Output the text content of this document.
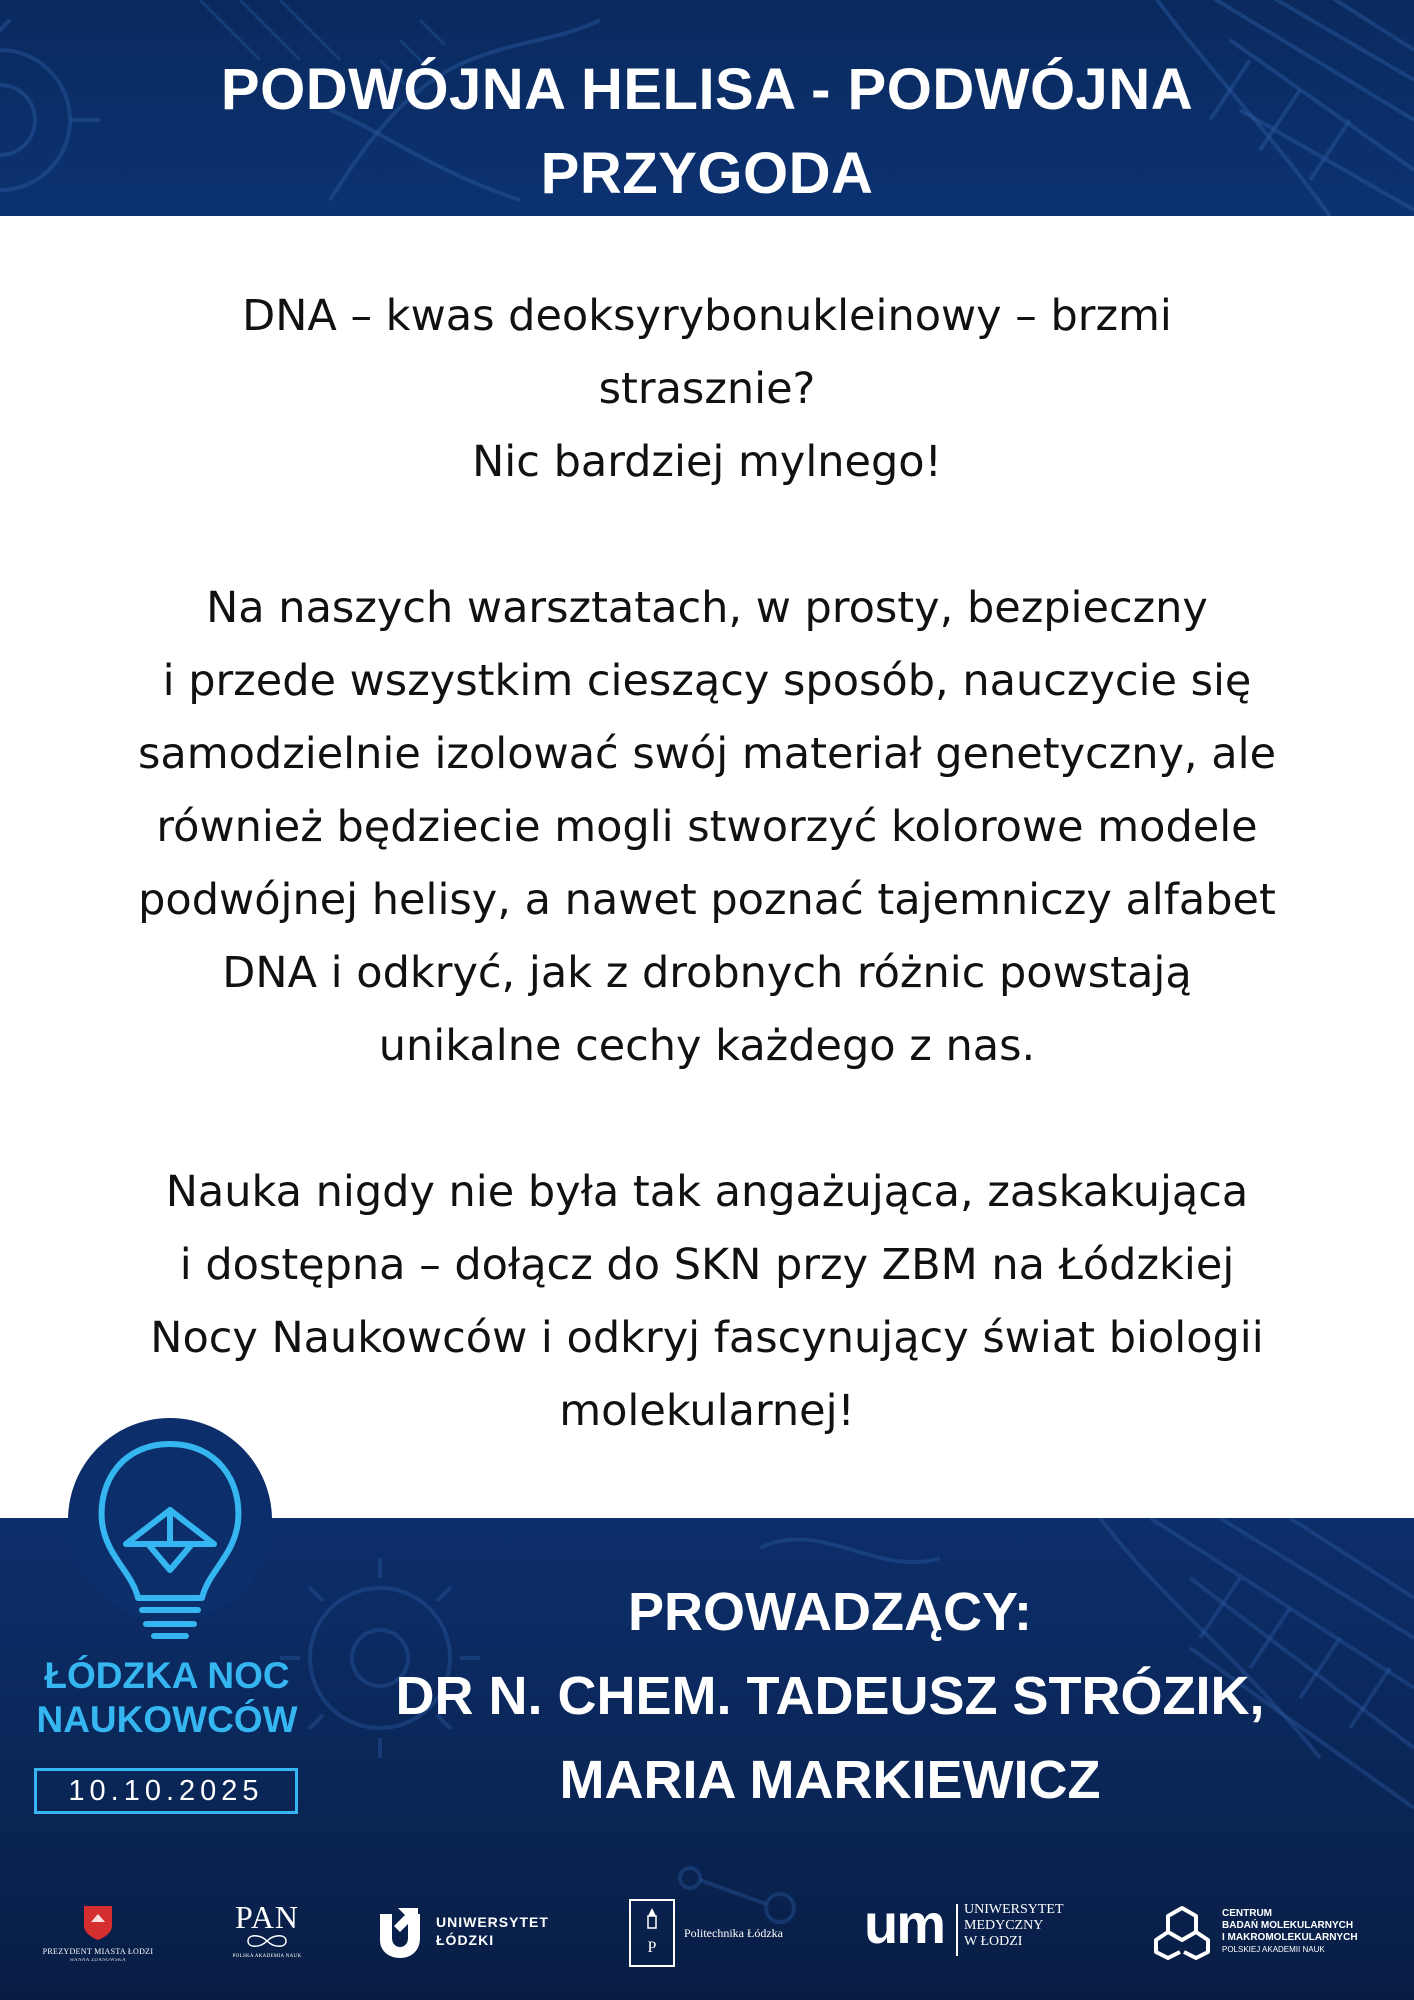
PODWÓJNA HELISA - PODWÓJNA
PRZYGODA
DNA – kwas deoksyrybonukleinowy – brzmi
strasznie?
Nic bardziej mylnego!
Na naszych warsztatach, w prosty, bezpieczny
i przede wszystkim cieszący sposób, nauczycie się
samodzielnie izolować swój materiał genetyczny, ale
również będziecie mogli stworzyć kolorowe modele
podwójnej helisy, a nawet poznać tajemniczy alfabet
DNA i odkryć, jak z drobnych różnic powstają
unikalne cechy każdego z nas.
Nauka nigdy nie była tak angażująca, zaskakująca
i dostępna – dołącz do SKN przy ZBM na Łódzkiej
Nocy Naukowców i odkryj fascynujący świat biologii
molekularnej!
ŁÓDZKA NOC
NAUKOWCÓW
10.10.2025
PROWADZĄCY:
DR N. CHEM. TADEUSZ STRÓZIK,
MARIA MARKIEWICZ
PREZYDENT MIASTA ŁODZI
HANNA ZDANOWSKA
PAN
POLSKA AKADEMIA NAUK
UNIWERSYTET
ŁÓDZKI	P
Politechnika Łódzka um UNIWERSYTET
MEDYCZNY
W ŁODZI
CENTRUM
BADAŃ MOLEKULARNYCH
I MAKROMOLEKULARNYCH
POLSKIEJ AKADEMII NAUK
